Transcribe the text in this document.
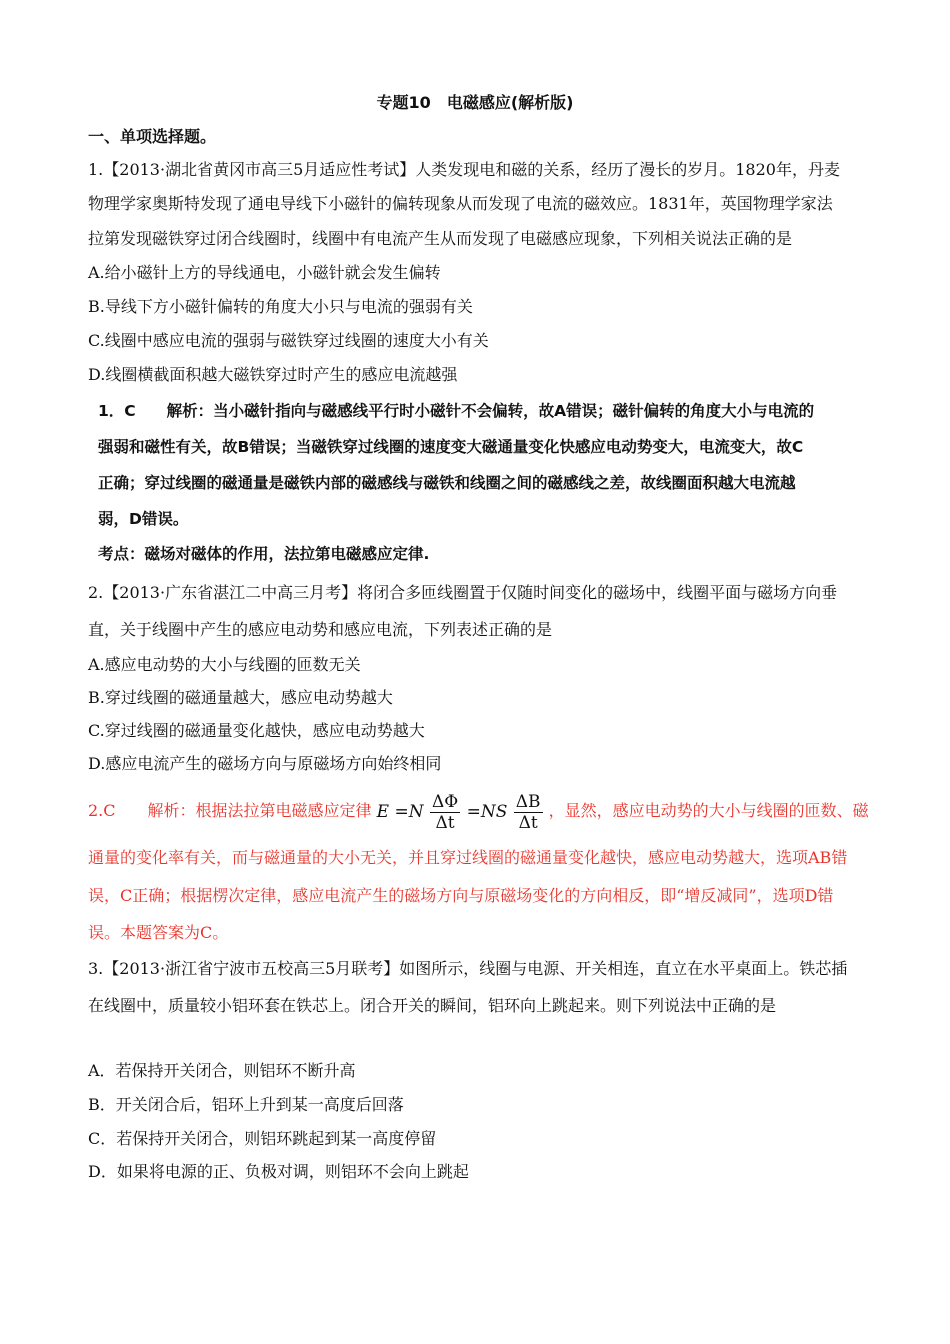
专题10　电磁感应(解析版)
一、单项选择题。
1.【2013·湖北省黄冈市高三5月适应性考试】人类发现电和磁的关系，经历了漫长的岁月。1820年，丹麦
物理学家奥斯特发现了通电导线下小磁针的偏转现象从而发现了电流的磁效应。1831年，英国物理学家法
拉第发现磁铁穿过闭合线圈时，线圈中有电流产生从而发现了电磁感应现象，下列相关说法正确的是
A.给小磁针上方的导线通电，小磁针就会发生偏转
B.导线下方小磁针偏转的角度大小只与电流的强弱有关
C.线圈中感应电流的强弱与磁铁穿过线圈的速度大小有关
D.线圈横截面积越大磁铁穿过时产生的感应电流越强
1．C　　解析：当小磁针指向与磁感线平行时小磁针不会偏转，故A错误；磁针偏转的角度大小与电流的
强弱和磁性有关，故B错误；当磁铁穿过线圈的速度变大磁通量变化快感应电动势变大，电流变大，故C
正确；穿过线圈的磁通量是磁铁内部的磁感线与磁铁和线圈之间的磁感线之差，故线圈面积越大电流越
弱，D错误。
考点：磁场对磁体的作用，法拉第电磁感应定律.
2.【2013·广东省湛江二中高三月考】将闭合多匝线圈置于仅随时间变化的磁场中，线圈平面与磁场方向垂
直，关于线圈中产生的感应电动势和感应电流，下列表述正确的是
A.感应电动势的大小与线圈的匝数无关
B.穿过线圈的磁通量越大，感应电动势越大
C.穿过线圈的磁通量变化越快，感应电动势越大
D.感应电流产生的磁场方向与原磁场方向始终相同
2.C　　解析：根据法拉第电磁感应定律 $E =N \frac{\Delta\Phi}{\Delta t} =NS \frac{\Delta B}{\Delta t}$ ，显然，感应电动势的大小与线圈的匝数、磁
通量的变化率有关，而与磁通量的大小无关，并且穿过线圈的磁通量变化越快，感应电动势越大，选项AB错
误，C正确；根据楞次定律，感应电流产生的磁场方向与原磁场变化的方向相反，即“增反减同”，选项D错
误。本题答案为C。
3.【2013·浙江省宁波市五校高三5月联考】如图所示，线圈与电源、开关相连，直立在水平桌面上。铁芯插
在线圈中，质量较小铝环套在铁芯上。闭合开关的瞬间，铝环向上跳起来。则下列说法中正确的是
A．若保持开关闭合，则铝环不断升高
B．开关闭合后，铝环上升到某一高度后回落
C．若保持开关闭合，则铝环跳起到某一高度停留
D．如果将电源的正、负极对调，则铝环不会向上跳起
